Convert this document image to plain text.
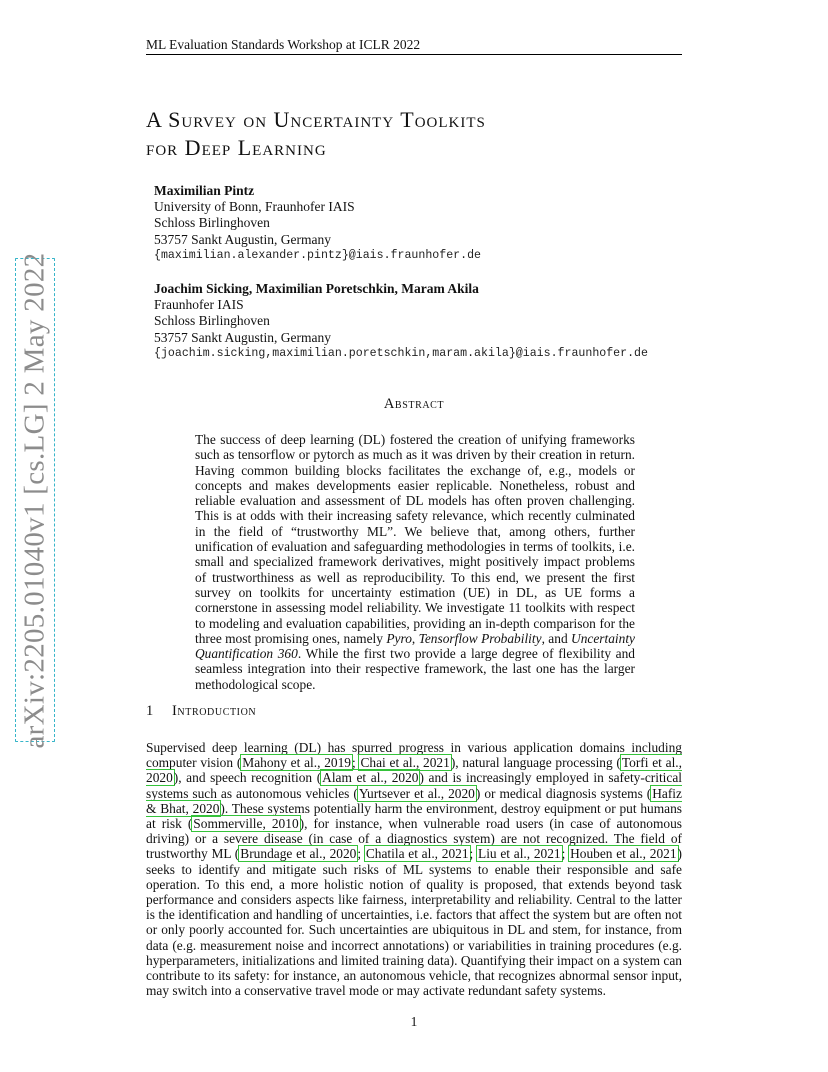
ML Evaluation Standards Workshop at ICLR 2022
arXiv:2205.01040v1 [cs.LG] 2 May 2022
A Survey on Uncertainty Toolkits
for Deep Learning
Maximilian Pintz
University of Bonn, Fraunhofer IAIS
Schloss Birlinghoven
53757 Sankt Augustin, Germany
{maximilian.alexander.pintz}@iais.fraunhofer.de
Joachim Sicking, Maximilian Poretschkin, Maram Akila
Fraunhofer IAIS
Schloss Birlinghoven
53757 Sankt Augustin, Germany
{joachim.sicking,maximilian.poretschkin,maram.akila}@iais.fraunhofer.de
Abstract
The success of deep learning (DL) fostered the creation of unifying frameworks such as tensorflow or pytorch as much as it was driven by their creation in return. Having common building blocks facilitates the exchange of, e.g., models or concepts and makes developments easier replicable. Nonetheless, robust and reliable evaluation and assessment of DL models has often proven challenging. This is at odds with their increasing safety relevance, which recently culminated in the field of “trustworthy ML”. We believe that, among others, further unification of evaluation and safeguarding methodologies in terms of toolkits, i.e. small and specialized framework derivatives, might positively impact problems of trustworthiness as well as reproducibility. To this end, we present the first survey on toolkits for uncertainty estimation (UE) in DL, as UE forms a cornerstone in assessing model reliability. We investigate 11 toolkits with respect to modeling and evaluation capabilities, providing an in-depth comparison for the three most promising ones, namely Pyro, Tensorflow Probability, and Uncertainty Quantification 360. While the first two provide a large degree of flexibility and seamless integration into their respective framework, the last one has the larger methodological scope.
1 Introduction
Supervised deep learning (DL) has spurred progress in various application domains including computer vision (Mahony et al., 2019; Chai et al., 2021), natural language processing (Torfi et al., 2020), and speech recognition (Alam et al., 2020) and is increasingly employed in safety-critical systems such as autonomous vehicles (Yurtsever et al., 2020) or medical diagnosis systems (Hafiz & Bhat, 2020). These systems potentially harm the environment, destroy equipment or put humans at risk (Sommerville, 2010), for instance, when vulnerable road users (in case of autonomous driving) or a severe disease (in case of a diagnostics system) are not recognized. The field of trustworthy ML (Brundage et al., 2020; Chatila et al., 2021; Liu et al., 2021; Houben et al., 2021) seeks to identify and mitigate such risks of ML systems to enable their responsible and safe operation. To this end, a more holistic notion of quality is proposed, that extends beyond task performance and considers aspects like fairness, interpretability and reliability. Central to the latter is the identification and handling of uncertainties, i.e. factors that affect the system but are often not or only poorly accounted for. Such uncertainties are ubiquitous in DL and stem, for instance, from data (e.g. measurement noise and incorrect annotations) or variabilities in training procedures (e.g. hyperparameters, initializations and limited training data). Quantifying their impact on a system can contribute to its safety: for instance, an autonomous vehicle, that recognizes abnormal sensor input, may switch into a conservative travel mode or may activate redundant safety systems.
1
